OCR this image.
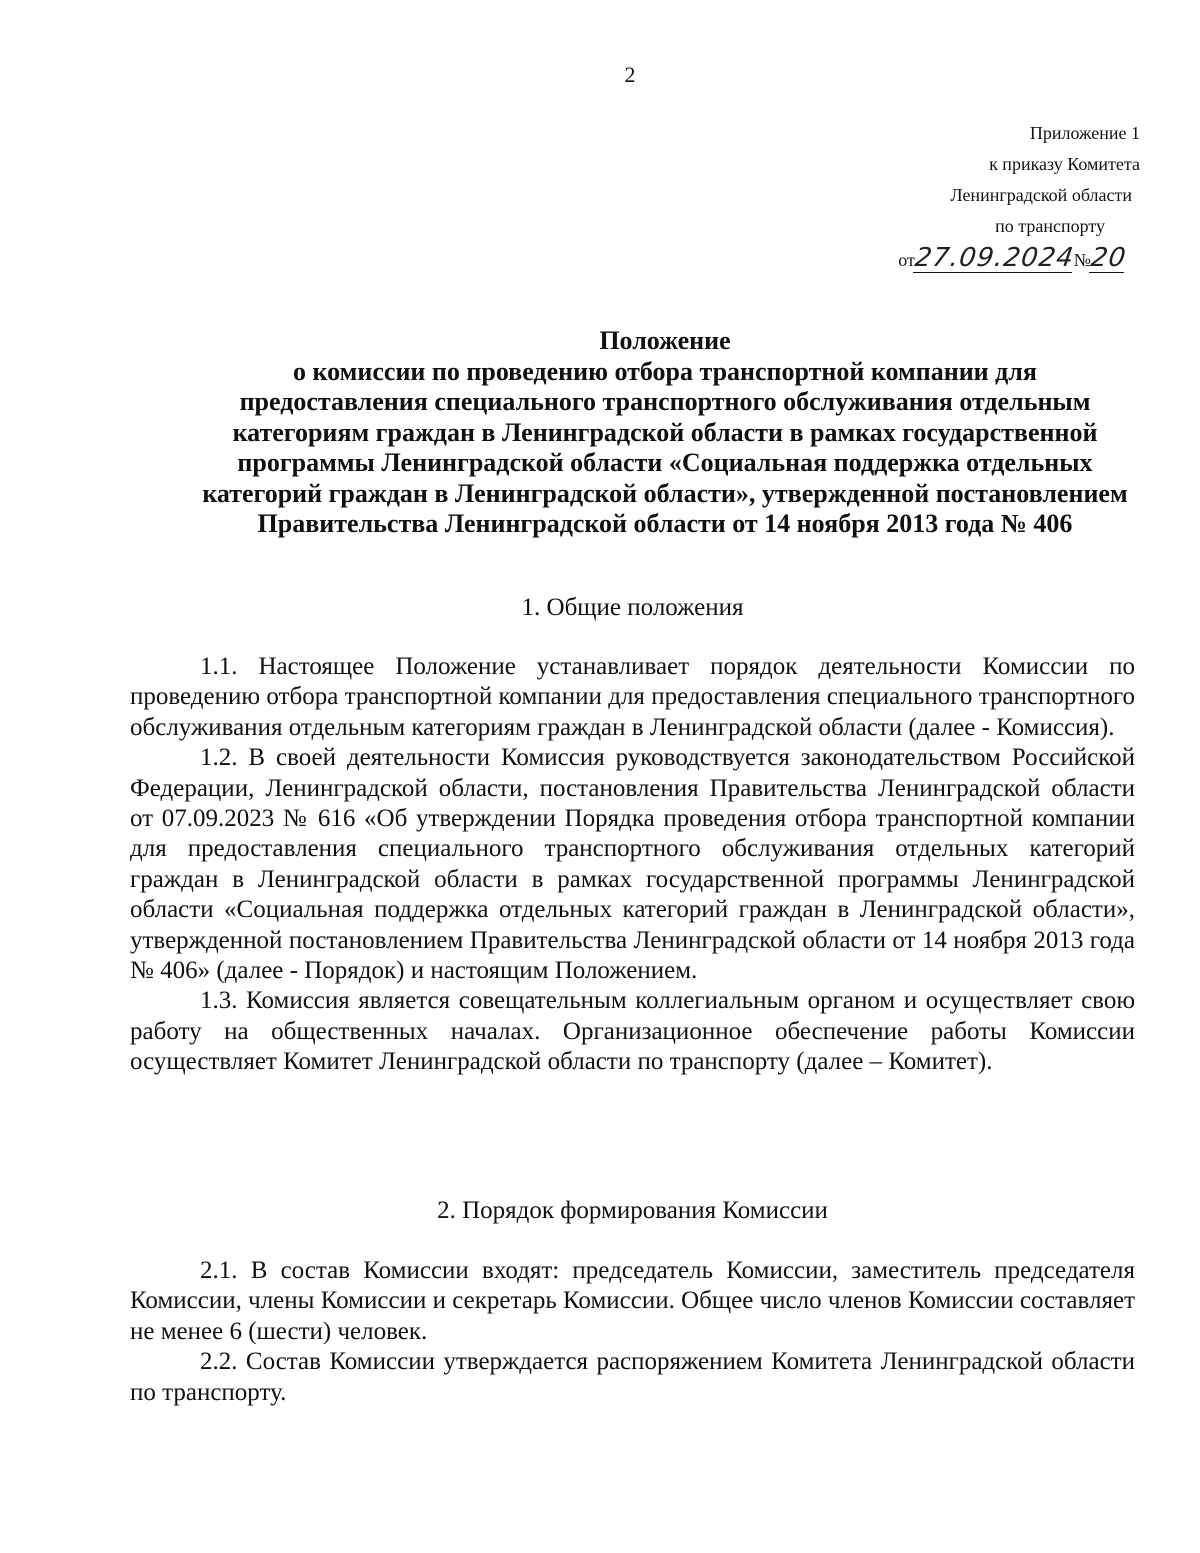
2
Приложение 1
к приказу Комитета
Ленинградской области
по транспорту
от27.09.2024№20
Положение
о комиссии по проведению отбора транспортной компании для предоставления специального транспортного обслуживания отдельным категориям граждан в Ленинградской области в рамках государственной программы Ленинградской области «Социальная поддержка отдельных категорий граждан в Ленинградской области», утвержденной постановлением Правительства Ленинградской области от 14 ноября 2013 года № 406
1. Общие положения

1.1. Настоящее Положение устанавливает порядок деятельности Комиссии по проведению отбора транспортной компании для предоставления специального транспортного обслуживания отдельным категориям граждан в Ленинградской области (далее - Комиссия).

1.2. В своей деятельности Комиссия руководствуется законодательством Российской Федерации, Ленинградской области, постановления Правительства Ленинградской области от 07.09.2023 № 616 «Об утверждении Порядка проведения отбора транспортной компании для предоставления специального транспортного обслуживания отдельных категорий граждан в Ленинградской области в рамках государственной программы Ленинградской области «Социальная поддержка отдельных категорий граждан в Ленинградской области», утвержденной постановлением Правительства Ленинградской области от 14 ноября 2013 года № 406» (далее - Порядок) и настоящим Положением.

1.3. Комиссия является совещательным коллегиальным органом и осуществляет свою работу на общественных началах. Организационное обеспечение работы Комиссии осуществляет Комитет Ленинградской области по транспорту (далее – Комитет).

2. Порядок формирования Комиссии

2.1. В состав Комиссии входят: председатель Комиссии, заместитель председателя Комиссии, члены Комиссии и секретарь Комиссии. Общее число членов Комиссии составляет не менее 6 (шести) человек.

2.2. Состав Комиссии утверждается распоряжением Комитета Ленинградской области по транспорту.
